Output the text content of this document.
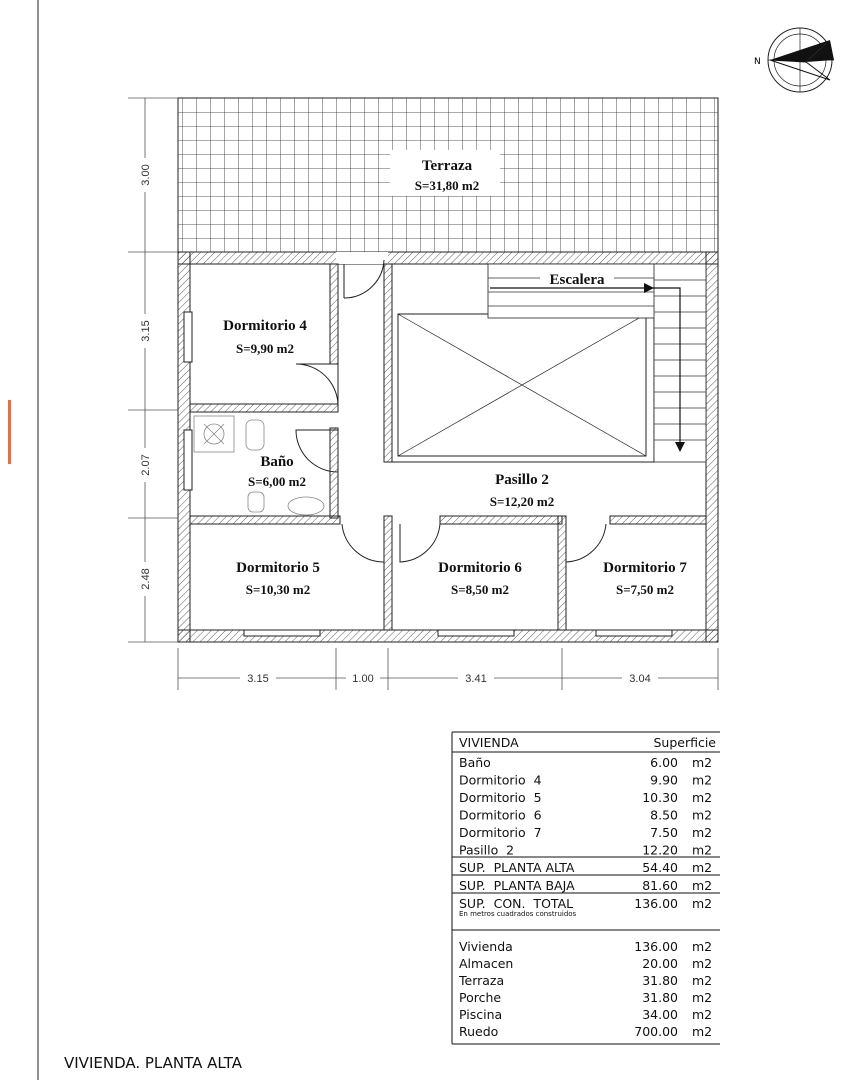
N
Terraza
S=31,80 m2
Escalera
Dormitorio 4
S=9,90 m2
Baño
S=6,00 m2	Pasillo 2
S=12,20 m2
Dormitorio 5
S=10,30 m2
Dormitorio 6
S=8,50 m2
Dormitorio 7
S=7,50 m2
3.00
3.15
2.07
2.48
3.15	1.00	3.41	3.04
VIVIENDA	Superficie
Baño	6.00 m2
Dormitorio  4	9.90 m2
Dormitorio  5	10.30 m2
Dormitorio  6	8.50 m2
Dormitorio  7	7.50 m2
Pasillo  2	12.20 m2
SUP.  PLANTA ALTA	54.40 m2
SUP.  PLANTA BAJA	81.60 m2
SUP.  CON.  TOTAL	136.00 m2
En metros cuadrados construidos
Vivienda	136.00 m2
Almacen	20.00 m2
Terraza	31.80 m2
Porche	31.80 m2
Piscina	34.00 m2
Ruedo	700.00 m2
VIVIENDA. PLANTA ALTA
